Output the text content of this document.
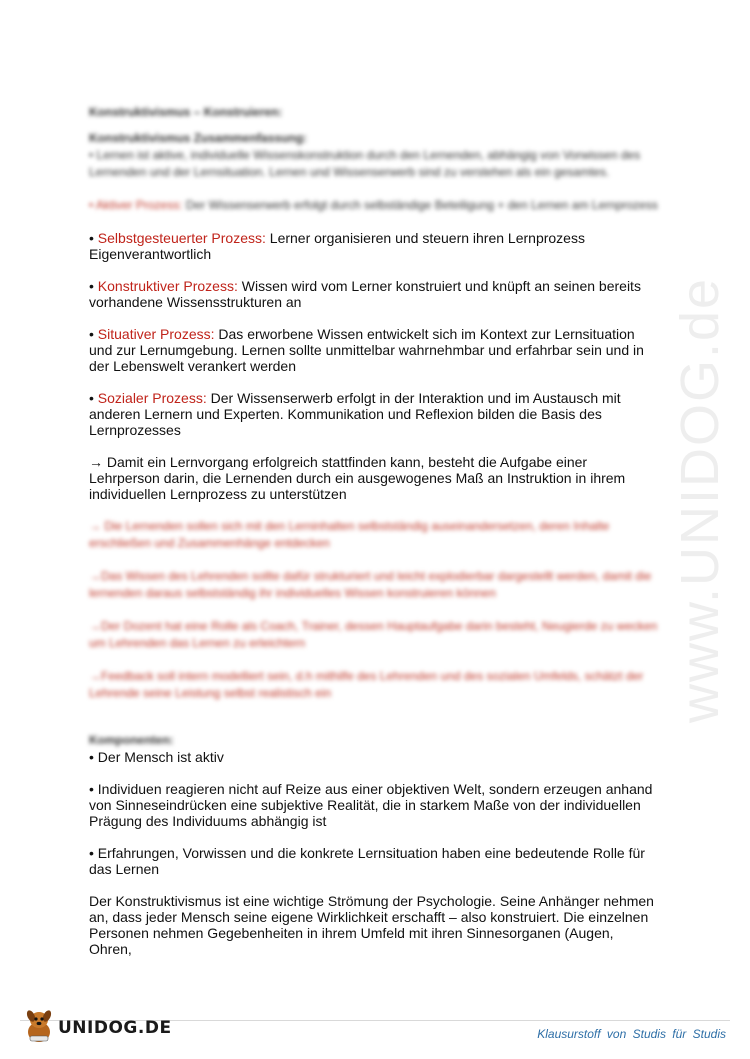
www.UNIDOG.de

Konstruktivismus – Konstruieren:

Konstruktivismus Zusammenfassung:

• Lernen ist aktive, individuelle Wissenskonstruktion durch den Lernenden, abhängig von Vorwissen des Lernenden und der Lernsituation. Lernen und Wissenserwerb sind zu verstehen als ein gesamtes.

• Aktiver Prozess: Der Wissenserwerb erfolgt durch selbständige Beteiligung + den Lernen am Lernprozess

• Selbstgesteuerter Prozess: Lerner organisieren und steuern ihren Lernprozess Eigenverantwortlich

• Konstruktiver Prozess: Wissen wird vom Lerner konstruiert und knüpft an seinen bereits vorhandene Wissensstrukturen an

• Situativer Prozess: Das erworbene Wissen entwickelt sich im Kontext zur Lernsituation und zur Lernumgebung. Lernen sollte unmittelbar wahrnehmbar und erfahrbar sein und in der Lebenswelt verankert werden

• Sozialer Prozess: Der Wissenserwerb erfolgt in der Interaktion und im Austausch mit anderen Lernern und Experten. Kommunikation und Reflexion bilden die Basis des Lernprozesses

→ Damit ein Lernvorgang erfolgreich stattfinden kann, besteht die Aufgabe einer Lehrperson darin, die Lernenden durch ein ausgewogenes Maß an Instruktion in ihrem individuellen Lernprozess zu unterstützen

→ Die Lernenden sollen sich mit den Lerninhalten selbstständig auseinandersetzen, deren Inhalte erschließen und Zusammenhänge entdecken

→Das Wissen des Lehrenden sollte dafür strukturiert und leicht explodierbar dargestellt werden, damit die lernenden daraus selbstständig ihr individuelles Wissen konstruieren können

→Der Dozent hat eine Rolle als Coach, Trainer, dessen Hauptaufgabe darin besteht, Neugierde zu wecken um Lehrenden das Lernen zu erleichtern

→Feedback soll intern modelliert sein, d.h mithilfe des Lehrenden und des sozialen Umfelds, schätzt der Lehrende seine Leistung selbst realistisch ein

Komponenten:

• Der Mensch ist aktiv

• Individuen reagieren nicht auf Reize aus einer objektiven Welt, sondern erzeugen anhand von Sinneseindrücken eine subjektive Realität, die in starkem Maße von der individuellen Prägung des Individuums abhängig ist

• Erfahrungen, Vorwissen und die konkrete Lernsituation haben eine bedeutende Rolle für das Lernen

Der Konstruktivismus ist eine wichtige Strömung der Psychologie. Seine Anhänger nehmen an, dass jeder Mensch seine eigene Wirklichkeit erschafft – also konstruiert. Die einzelnen Personen nehmen Gegebenheiten in ihrem Umfeld mit ihren Sinnesorganen (Augen, Ohren,

UNIDOG.DE	Klausurstoff von Studis für Studis
